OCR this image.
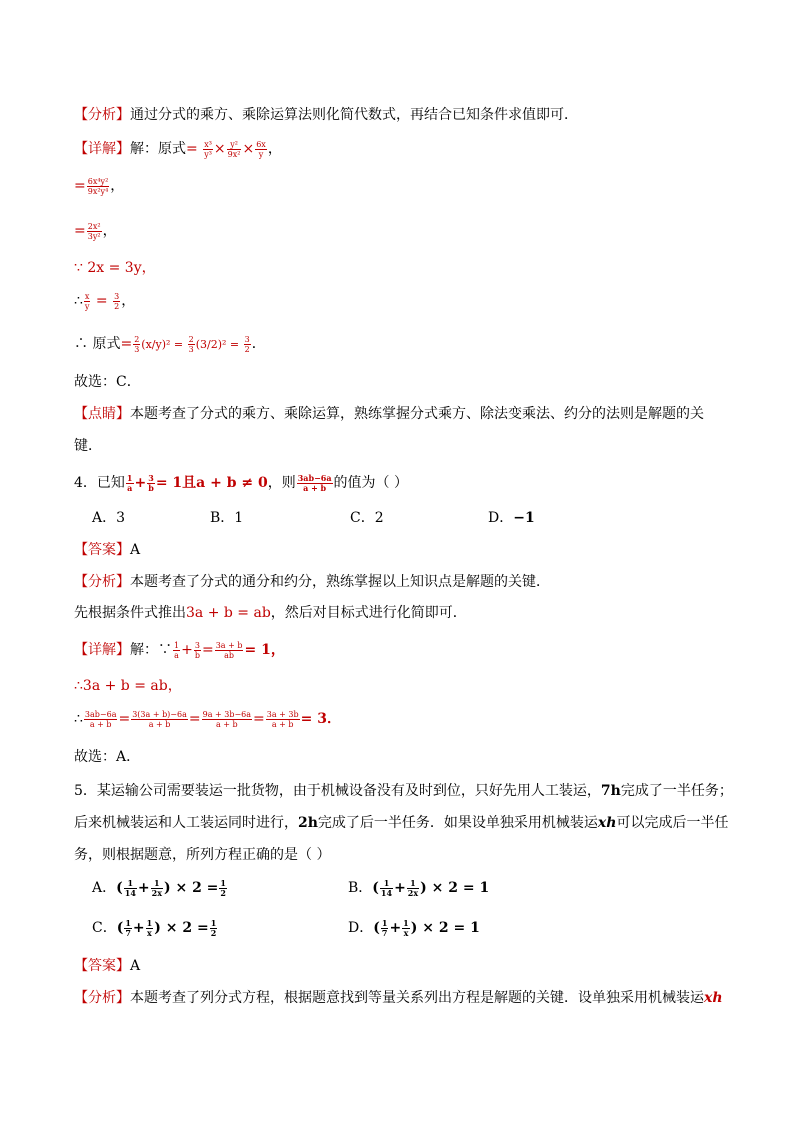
【分析】通过分式的乘方、乘除运算法则化简代数式，再结合已知条件求值即可．
【详解】解：原式= $\frac{\text{x³}}{\text{y³}} \times \frac{\text{y²}}{\text{9x²}} \times \frac{6x}{y}$ ，
= $\frac{\text{6x⁴y²}}{\text{9x²y⁴}}$ ，
= $\frac{\text{2x²}}{\text{3y²}}$ ，
∵ 2x = 3y，
∴ $\frac{x}{y} = \frac{3}{2}$ ，
∴ 原式= $\frac{2}{3} (x/y)^2 = \frac{2}{3} (3/2)^2 = \frac{3}{2}$ ．
故选：C．
【点睛】本题考查了分式的乘方、乘除运算，熟练掌握分式乘方、除法变乘法、约分的法则是解题的关
键．
4．已知 $\frac{1}{a} + \frac{3}{b} = 1$且a + b ≠ 0，则 $\frac{3ab-6a}{a + b}$ 的值为（ ）
A．3	B．1	C．2	D．−1
【答案】A
【分析】本题考查了分式的通分和约分，熟练掌握以上知识点是解题的关键．
先根据条件式推出3a + b = ab，然后对目标式进行化简即可．
【详解】解：∵ $\frac{1}{a} + \frac{3}{b} = \frac{3a + b}{ab} = 1$，
∴3a + b = ab，
∴ $\frac{3ab-6a}{a + b} = \frac{3(3a + b)-6a}{a + b} = \frac{9a + 3b-6a}{a + b} = \frac{3a + 3b}{a + b} = 3$．
故选：A．
5．某运输公司需要装运一批货物，由于机械设备没有及时到位，只好先用人工装运，7h完成了一半任务；
后来机械装运和人工装运同时进行，2h完成了后一半任务．如果设单独采用机械装运xh可以完成后一半任
务，则根据题意，所列方程正确的是（ ）
A．( $\frac{1}{14} + \frac{1}{2x}$ ) × $2 = \frac{1}{2}$	B．( $\frac{1}{14} + \frac{1}{2x}$ ) × 2 = 1
C．( $\frac{1}{7} + \frac{1}{x}$ ) × $2 = \frac{1}{2}$	D．( $\frac{1}{7} + \frac{1}{x}$ ) × 2 = 1
【答案】A
【分析】本题考查了列分式方程，根据题意找到等量关系列出方程是解题的关键．设单独采用机械装运xh
